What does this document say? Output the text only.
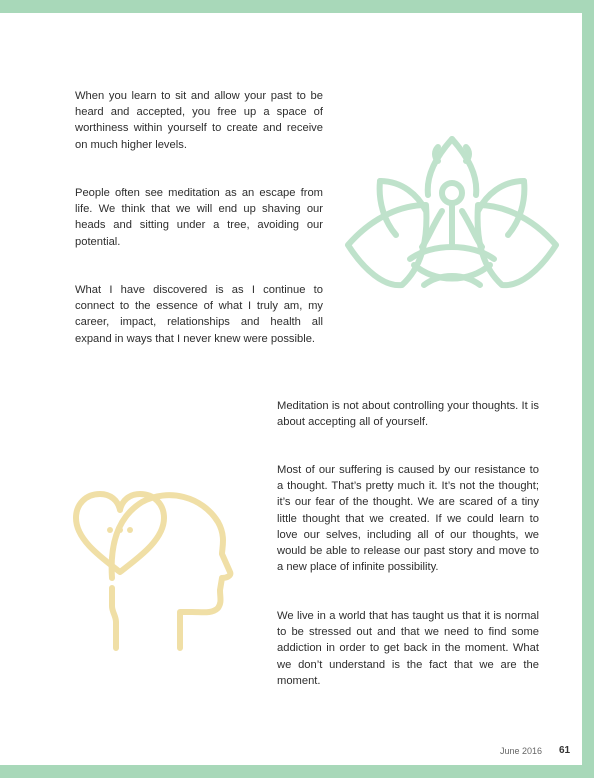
When you learn to sit and allow your past to be heard and accepted, you free up a space of worthiness within yourself to create and receive on much higher levels.

People often see meditation as an escape from life. We think that we will end up shaving our heads and sitting under a tree, avoiding our potential.

What I have discovered is as I continue to connect to the essence of what I truly am, my career, impact, relationships and health all expand in ways that I never knew were possible.

Meditation is not about controlling your thoughts. It is about accepting all of yourself.

Most of our suffering is caused by our resistance to a thought. That’s pretty much it. It’s not the thought; it’s our fear of the thought. We are scared of a tiny little thought that we created. If we could learn to love our selves, including all of our thoughts, we would be able to release our past story and move to a new place of infinite possibility.

We live in a world that has taught us that it is normal to be stressed out and that we need to find some addiction in order to get back in the moment. What we don’t understand is the fact that we are the moment.

June 2016 61
